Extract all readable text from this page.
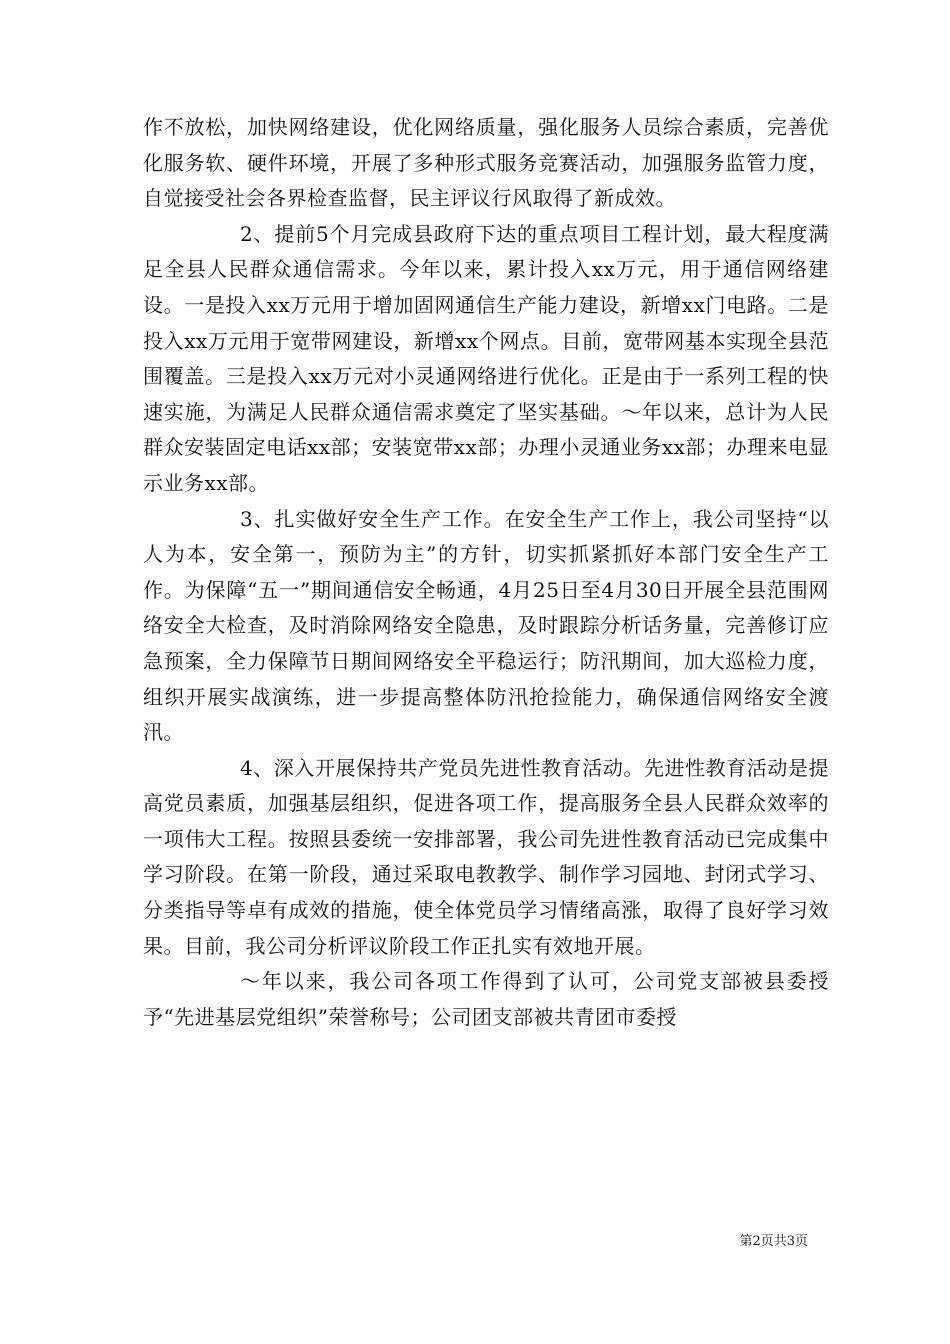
作不放松，加快网络建设，优化网络质量，强化服务人员综合素质，完善优化服务软、硬件环境，开展了多种形式服务竞赛活动，加强服务监管力度，自觉接受社会各界检查监督，民主评议行风取得了新成效。

2、提前5个月完成县政府下达的重点项目工程计划，最大程度满足全县人民群众通信需求。今年以来，累计投入xx万元，用于通信网络建设。一是投入xx万元用于增加固网通信生产能力建设，新增xx门电路。二是投入xx万元用于宽带网建设，新增xx个网点。目前，宽带网基本实现全县范围覆盖。三是投入xx万元对小灵通网络进行优化。正是由于一系列工程的快速实施，为满足人民群众通信需求奠定了坚实基础。～年以来，总计为人民群众安装固定电话xx部；安装宽带xx部；办理小灵通业务xx部；办理来电显示业务xx部。

3、扎实做好安全生产工作。在安全生产工作上，我公司坚持“以人为本，安全第一，预防为主”的方针，切实抓紧抓好本部门安全生产工作。为保障“五一”期间通信安全畅通，4月25日至4月30日开展全县范围网络安全大检查，及时消除网络安全隐患，及时跟踪分析话务量，完善修订应急预案，全力保障节日期间网络安全平稳运行；防汛期间，加大巡检力度，组织开展实战演练，进一步提高整体防汛抢捡能力，确保通信网络安全渡汛。

4、深入开展保持共产党员先进性教育活动。先进性教育活动是提高党员素质，加强基层组织，促进各项工作，提高服务全县人民群众效率的一项伟大工程。按照县委统一安排部署，我公司先进性教育活动已完成集中学习阶段。在第一阶段，通过采取电教教学、制作学习园地、封闭式学习、分类指导等卓有成效的措施，使全体党员学习情绪高涨，取得了良好学习效果。目前，我公司分析评议阶段工作正扎实有效地开展。

～年以来，我公司各项工作得到了认可，公司党支部被县委授予“先进基层党组织”荣誉称号；公司团支部被共青团市委授

第2页共3页
